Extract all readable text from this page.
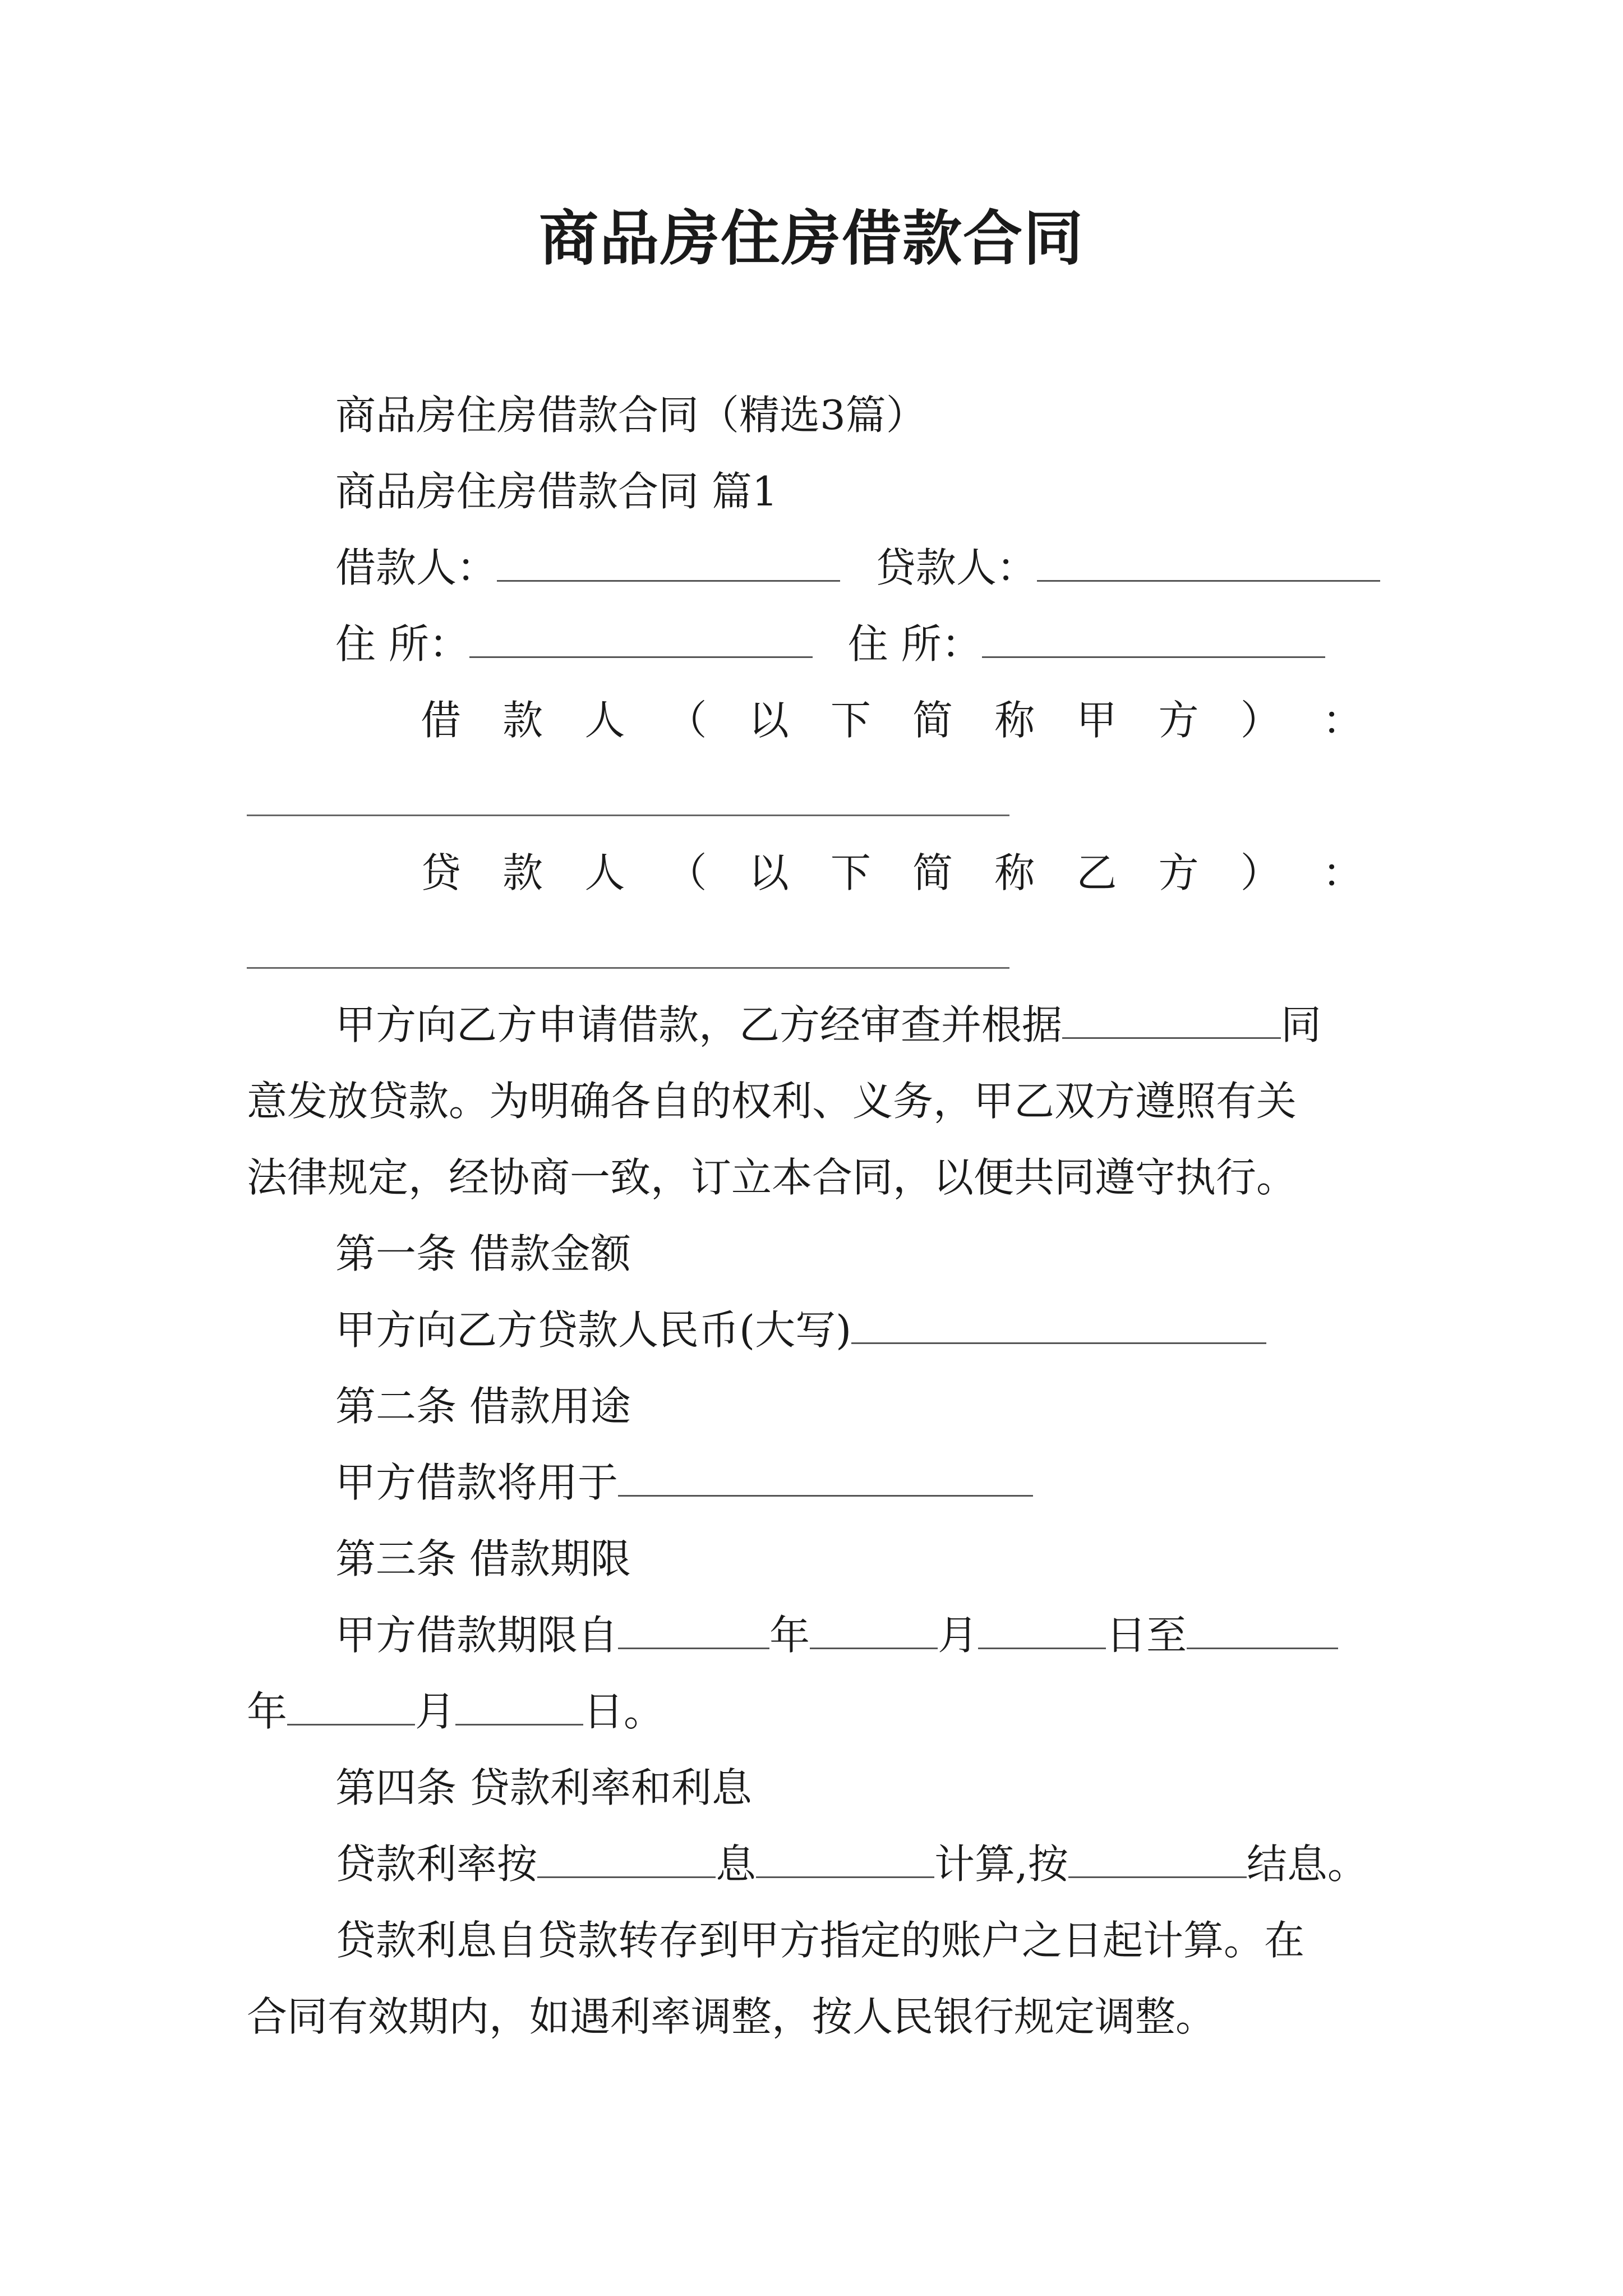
商品房住房借款合同
商品房住房借款合同（精选3篇）
商品房住房借款合同 篇1
借款人：	贷款人：
住 所：	住 所：
借 款 人 （ 以 下 简 称 甲 方 ） ：
贷 款 人 （ 以 下 简 称 乙 方 ） ：
甲方向乙方申请借款，乙方经审查并根据	同
意发放贷款。为明确各自的权利、义务，甲乙双方遵照有关
法律规定，经协商一致，订立本合同，以便共同遵守执行。
第一条 借款金额
甲方向乙方贷款人民币(大写)
第二条 借款用途
甲方借款将用于
第三条 借款期限
甲方借款期限自	年	月	日至
年	月	日。
第四条 贷款利率和利息
贷款利率按	息	计算,按	结息。
贷款利息自贷款转存到甲方指定的账户之日起计算。在
合同有效期内，如遇利率调整，按人民银行规定调整。
